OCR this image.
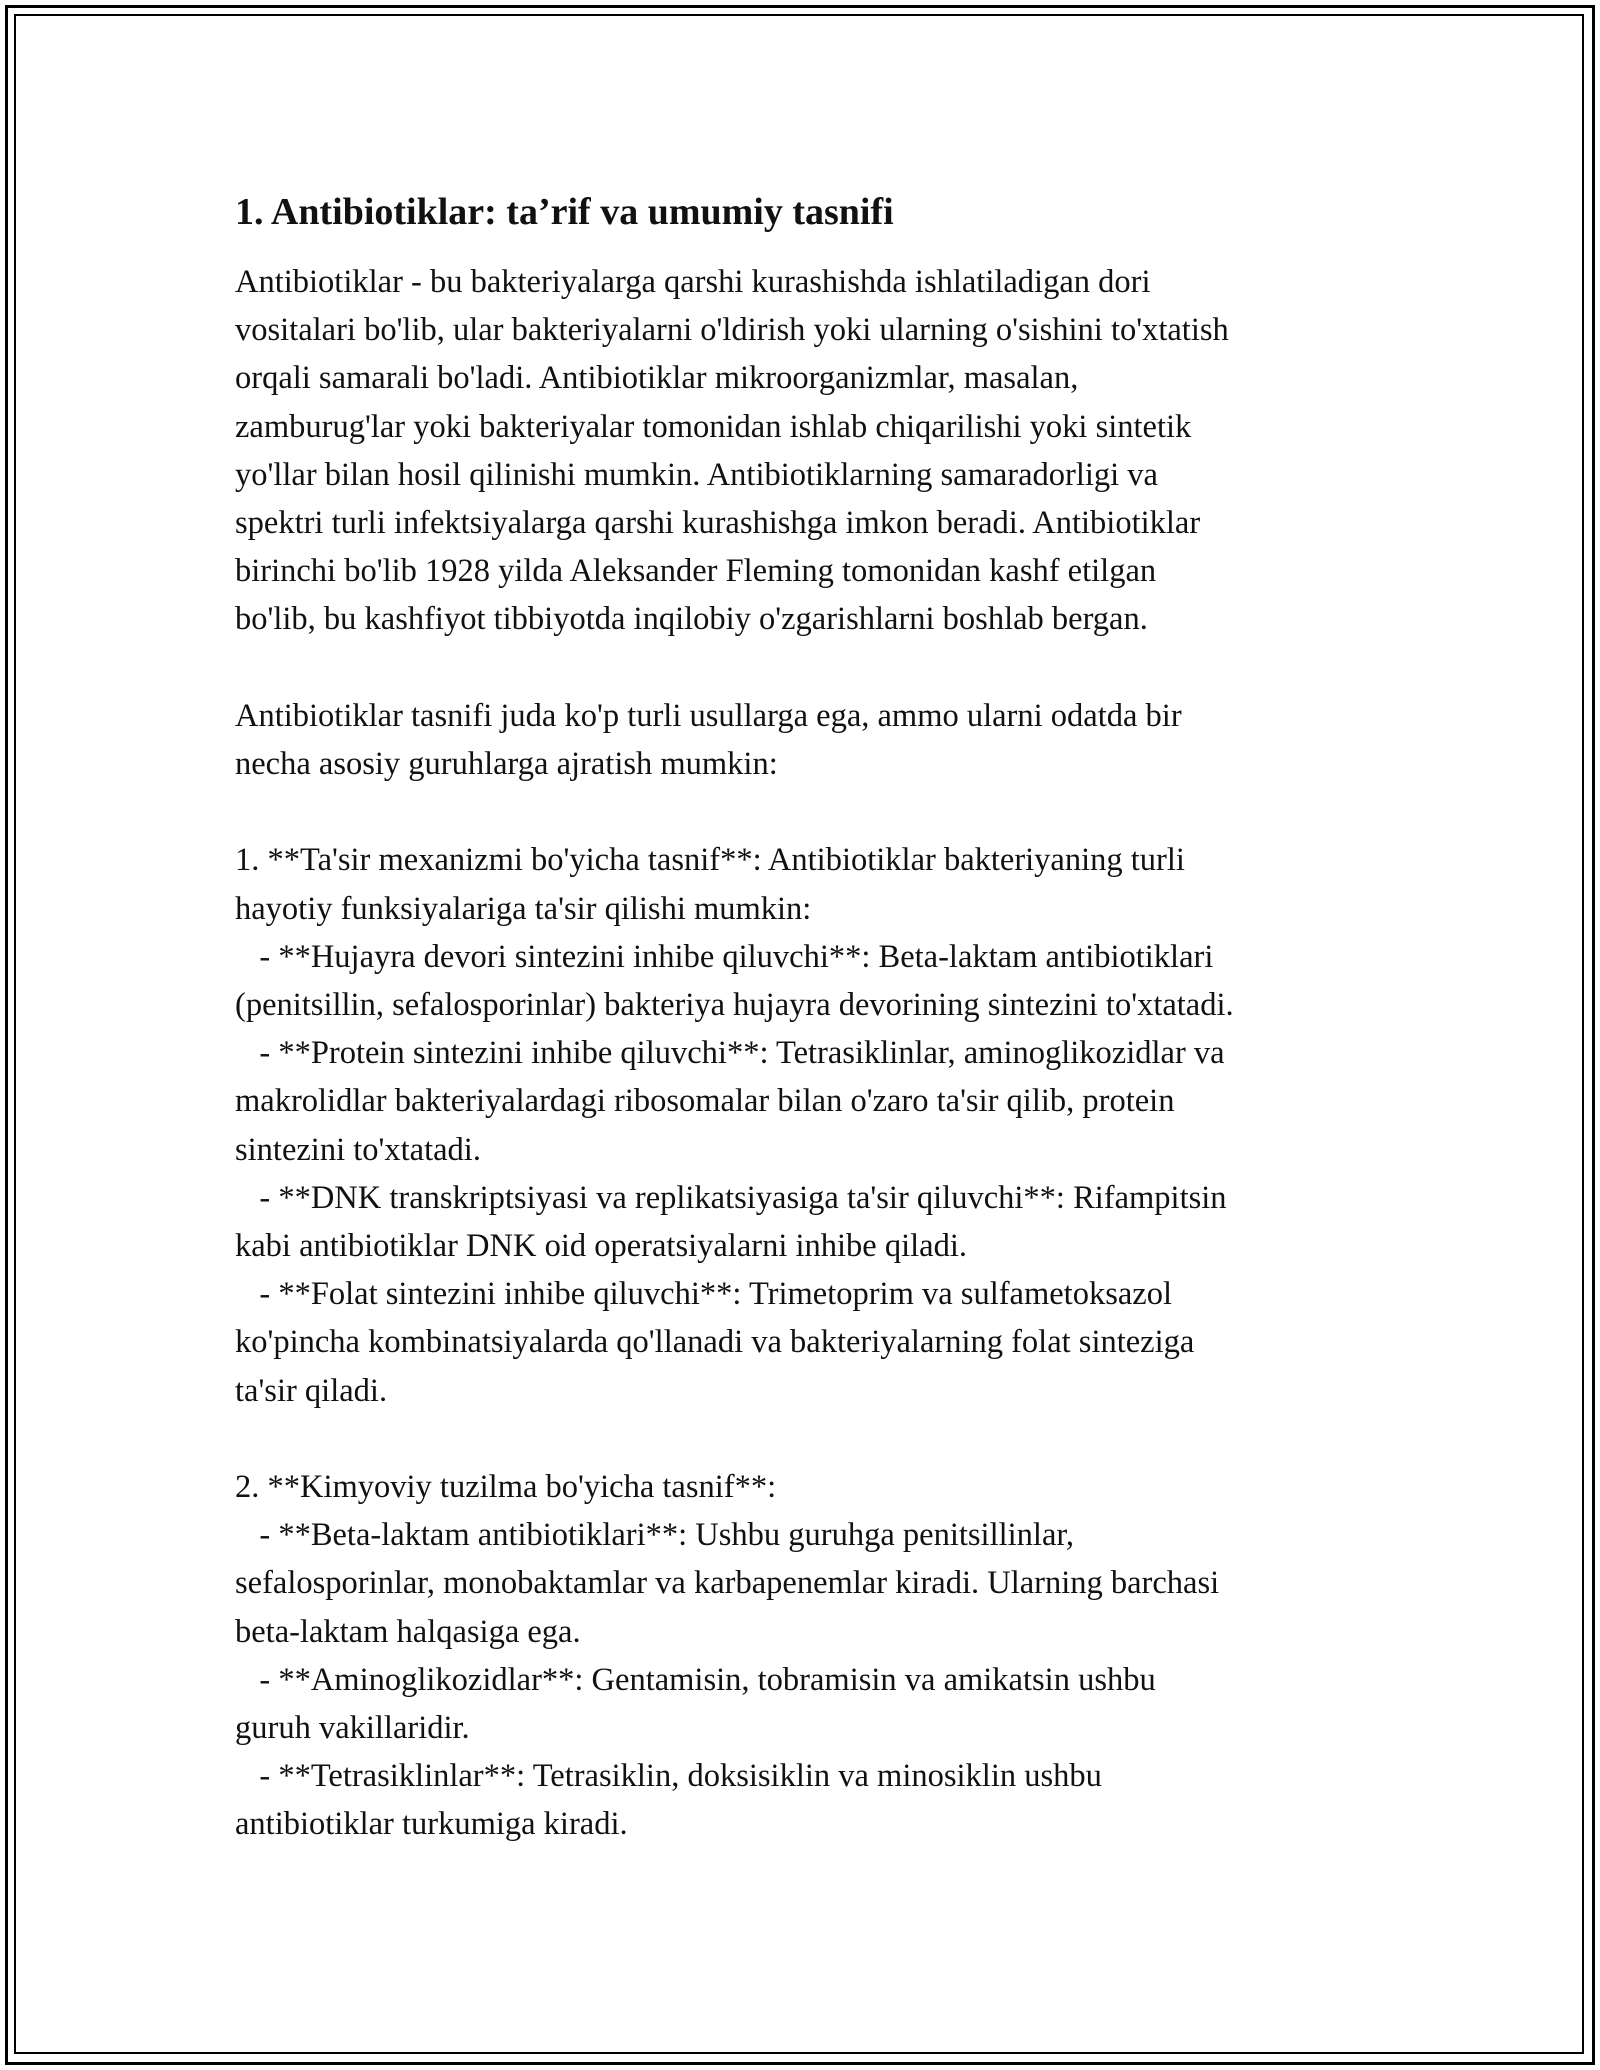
1. Antibiotiklar: ta’rif va umumiy tasnifi

Antibiotiklar - bu bakteriyalarga qarshi kurashishda ishlatiladigan dori

vositalari bo'lib, ular bakteriyalarni o'ldirish yoki ularning o'sishini to'xtatish

orqali samarali bo'ladi. Antibiotiklar mikroorganizmlar, masalan,

zamburug'lar yoki bakteriyalar tomonidan ishlab chiqarilishi yoki sintetik

yo'llar bilan hosil qilinishi mumkin. Antibiotiklarning samaradorligi va

spektri turli infektsiyalarga qarshi kurashishga imkon beradi. Antibiotiklar

birinchi bo'lib 1928 yilda Aleksander Fleming tomonidan kashf etilgan

bo'lib, bu kashfiyot tibbiyotda inqilobiy o'zgarishlarni boshlab bergan.

Antibiotiklar tasnifi juda ko'p turli usullarga ega, ammo ularni odatda bir

necha asosiy guruhlarga ajratish mumkin:

1. **Ta'sir mexanizmi bo'yicha tasnif**: Antibiotiklar bakteriyaning turli

hayotiy funksiyalariga ta'sir qilishi mumkin:

- **Hujayra devori sintezini inhibe qiluvchi**: Beta-laktam antibiotiklari

(penitsillin, sefalosporinlar) bakteriya hujayra devorining sintezini to'xtatadi.

- **Protein sintezini inhibe qiluvchi**: Tetrasiklinlar, aminoglikozidlar va

makrolidlar bakteriyalardagi ribosomalar bilan o'zaro ta'sir qilib, protein

sintezini to'xtatadi.

- **DNK transkriptsiyasi va replikatsiyasiga ta'sir qiluvchi**: Rifampitsin

kabi antibiotiklar DNK oid operatsiyalarni inhibe qiladi.

- **Folat sintezini inhibe qiluvchi**: Trimetoprim va sulfametoksazol

ko'pincha kombinatsiyalarda qo'llanadi va bakteriyalarning folat sinteziga

ta'sir qiladi.

2. **Kimyoviy tuzilma bo'yicha tasnif**:

- **Beta-laktam antibiotiklari**: Ushbu guruhga penitsillinlar,

sefalosporinlar, monobaktamlar va karbapenemlar kiradi. Ularning barchasi

beta-laktam halqasiga ega.

- **Aminoglikozidlar**: Gentamisin, tobramisin va amikatsin ushbu

guruh vakillaridir.

- **Tetrasiklinlar**: Tetrasiklin, doksisiklin va minosiklin ushbu

antibiotiklar turkumiga kiradi.
